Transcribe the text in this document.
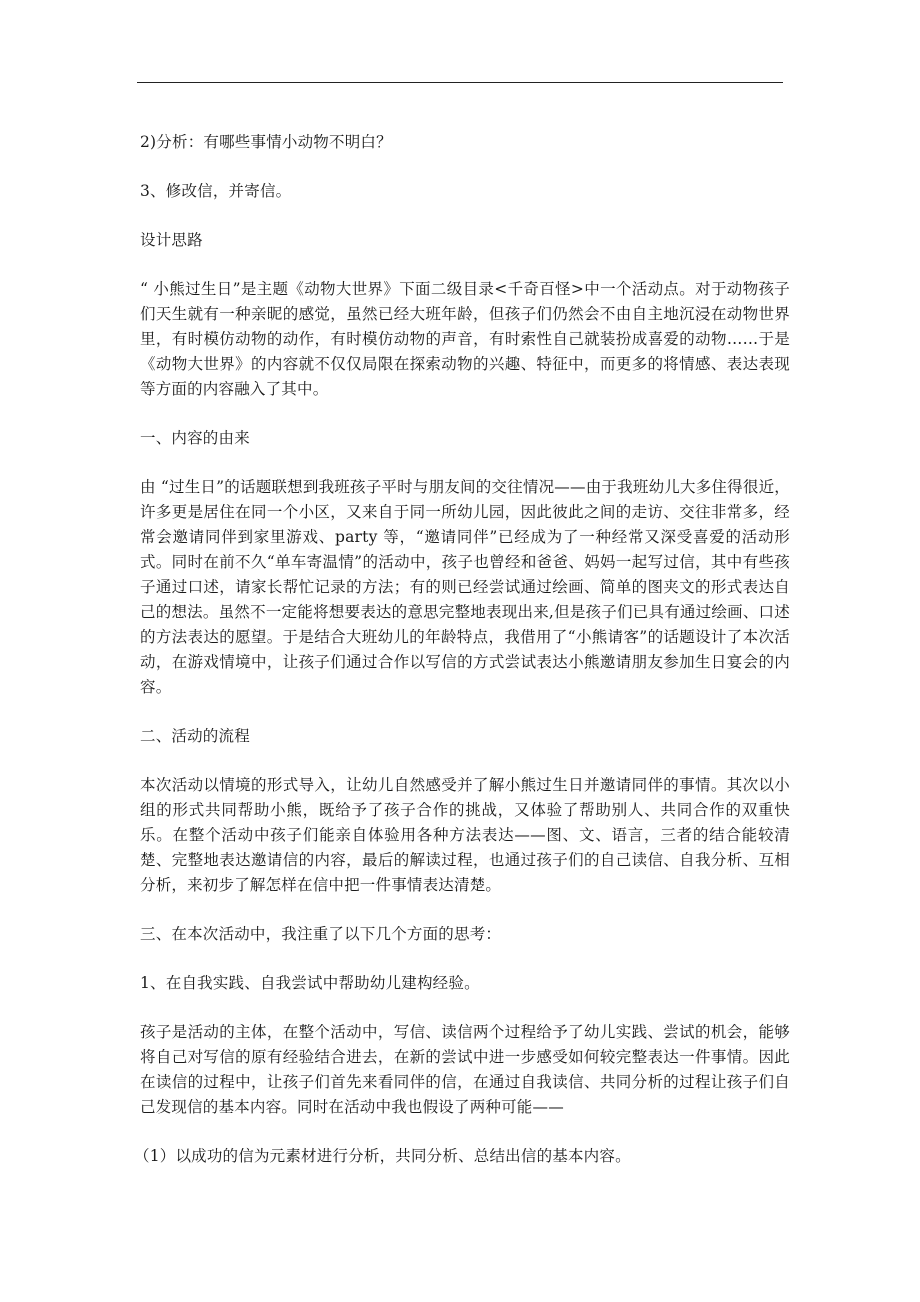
2)分析：有哪些事情小动物不明白？

3、修改信，并寄信。

设计思路

“ 小熊过生日”是主题《动物大世界》下面二级目录<千奇百怪>中一个活动点。对于动物孩子们天生就有一种亲昵的感觉，虽然已经大班年龄，但孩子们仍然会不由自主地沉浸在动物世界里，有时模仿动物的动作，有时模仿动物的声音，有时索性自己就装扮成喜爱的动物……于是《动物大世界》的内容就不仅仅局限在探索动物的兴趣、特征中，而更多的将情感、表达表现等方面的内容融入了其中。

一、内容的由来

由 “过生日”的话题联想到我班孩子平时与朋友间的交往情况——由于我班幼儿大多住得很近，许多更是居住在同一个小区，又来自于同一所幼儿园，因此彼此之间的走访、交往非常多，经常会邀请同伴到家里游戏、party 等，“邀请同伴”已经成为了一种经常又深受喜爱的活动形式。同时在前不久“单车寄温情”的活动中，孩子也曾经和爸爸、妈妈一起写过信，其中有些孩子通过口述，请家长帮忙记录的方法；有的则已经尝试通过绘画、简单的图夹文的形式表达自己的想法。虽然不一定能将想要表达的意思完整地表现出来,但是孩子们已具有通过绘画、口述的方法表达的愿望。于是结合大班幼儿的年龄特点，我借用了“小熊请客”的话题设计了本次活动，在游戏情境中，让孩子们通过合作以写信的方式尝试表达小熊邀请朋友参加生日宴会的内容。

二、活动的流程

本次活动以情境的形式导入，让幼儿自然感受并了解小熊过生日并邀请同伴的事情。其次以小组的形式共同帮助小熊，既给予了孩子合作的挑战，又体验了帮助别人、共同合作的双重快乐。在整个活动中孩子们能亲自体验用各种方法表达——图、文、语言，三者的结合能较清楚、完整地表达邀请信的内容，最后的解读过程，也通过孩子们的自己读信、自我分析、互相分析，来初步了解怎样在信中把一件事情表达清楚。

三、在本次活动中，我注重了以下几个方面的思考：

1、在自我实践、自我尝试中帮助幼儿建构经验。

孩子是活动的主体，在整个活动中，写信、读信两个过程给予了幼儿实践、尝试的机会，能够将自己对写信的原有经验结合进去，在新的尝试中进一步感受如何较完整表达一件事情。因此在读信的过程中，让孩子们首先来看同伴的信，在通过自我读信、共同分析的过程让孩子们自己发现信的基本内容。同时在活动中我也假设了两种可能——

（1）以成功的信为元素材进行分析，共同分析、总结出信的基本内容。
